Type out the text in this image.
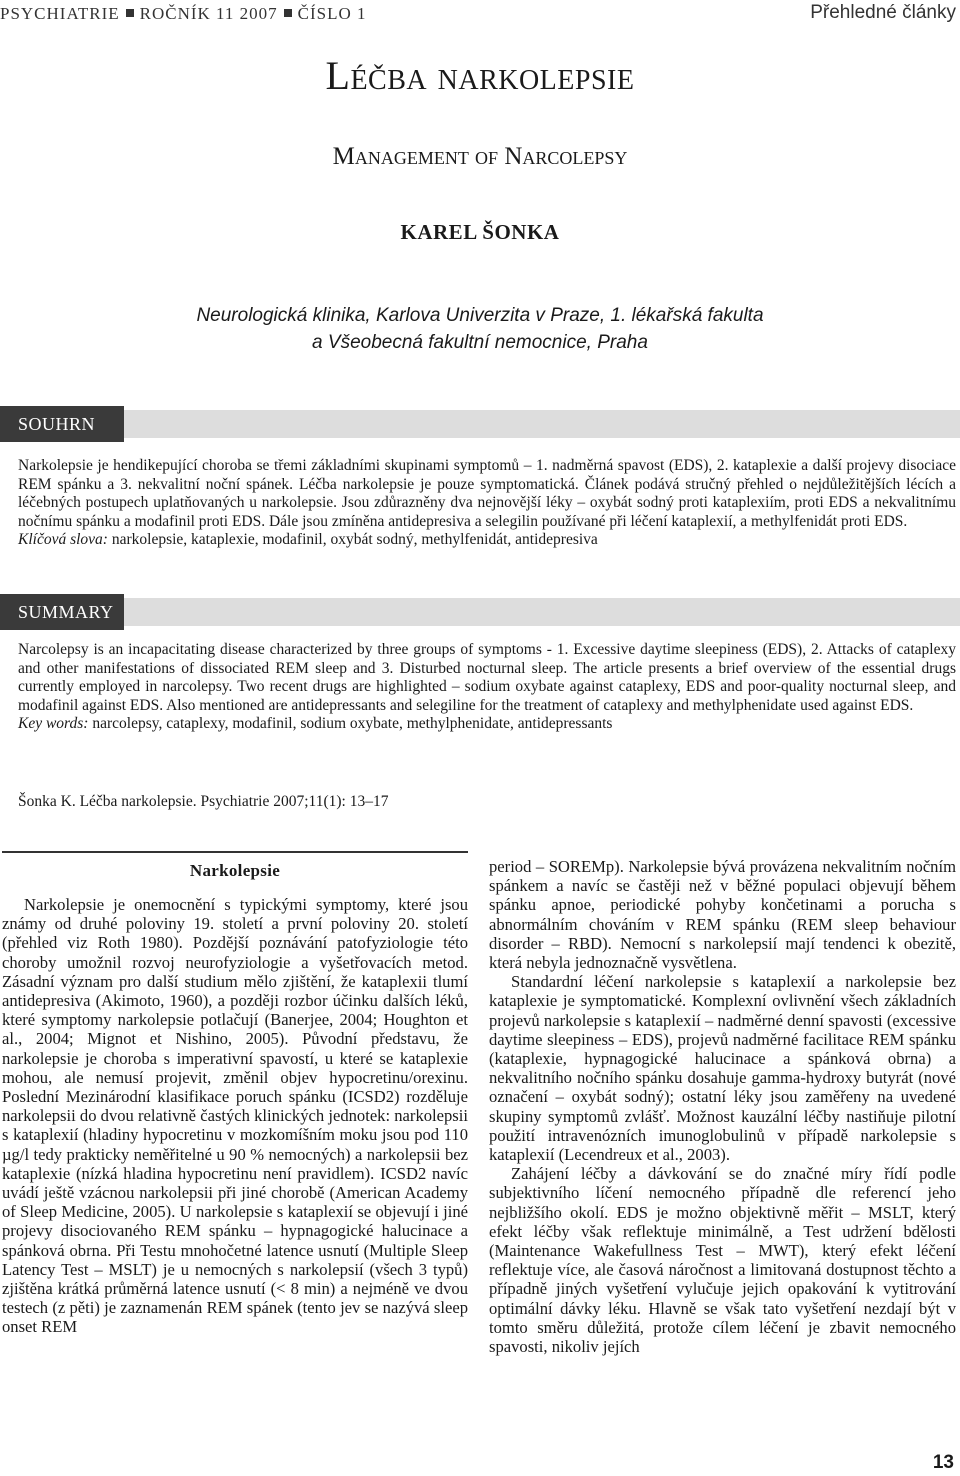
PSYCHIATRIE ROČNÍK 11 2007 ČÍSLO 1	Přehledné články
Léčba narkolepsie
Management of Narcolepsy
KAREL ŠONKA
Neurologická klinika, Karlova Univerzita v Praze, 1. lékařská fakulta
a Všeobecná fakultní nemocnice, Praha
SOUHRN
Narkolepsie je hendikepující choroba se třemi základními skupinami symptomů – 1. nadměrná spavost (EDS), 2. kataplexie a další projevy disociace REM spánku a 3. nekvalitní noční spánek. Léčba narkolepsie je pouze symptomatická. Článek podává stručný přehled o nejdůležitějších lécích a léčebných postupech uplatňovaných u narkolepsie. Jsou zdůrazněny dva nejnovější léky – oxybát sodný proti kataplexiím, proti EDS a nekvalitnímu nočnímu spánku a modafinil proti EDS. Dále jsou zmíněna antidepresiva a selegilin používané při léčení kataplexií, a methylfenidát proti EDS.
Klíčová slova: narkolepsie, kataplexie, modafinil, oxybát sodný, methylfenidát, antidepresiva
SUMMARY
Narcolepsy is an incapacitating disease characterized by three groups of symptoms - 1. Excessive daytime sleepiness (EDS), 2. Attacks of cataplexy and other manifestations of dissociated REM sleep and 3. Disturbed nocturnal sleep. The article presents a brief overview of the essential drugs currently employed in narcolepsy. Two recent drugs are highlighted – sodium oxybate against cataplexy, EDS and poor-quality nocturnal sleep, and modafinil against EDS. Also mentioned are antidepressants and selegiline for the treatment of cataplexy and methylphenidate used against EDS.
Key words: narcolepsy, cataplexy, modafinil, sodium oxybate, methylphenidate, antidepressants
Šonka K. Léčba narkolepsie. Psychiatrie 2007;11(1): 13–17
Narkolepsie

Narkolepsie je onemocnění s typickými symptomy, které jsou známy od druhé poloviny 19. století a první poloviny 20. století (přehled viz Roth 1980). Pozdější poznávání patofyziologie této choroby umožnil rozvoj neurofyziologie a vyšetřovacích metod. Zásadní význam pro další studium mělo zjištění, že kataplexii tlumí antidepresiva (Akimoto, 1960), a později rozbor účinku dalších léků, které symptomy narkolepsie potlačují (Banerjee, 2004; Houghton et al., 2004; Mignot et Nishino, 2005). Původní představu, že narkolepsie je choroba s imperativní spavostí, u které se kataplexie mohou, ale nemusí projevit, změnil objev hypocretinu/orexinu. Poslední Mezinárodní klasifikace poruch spánku (ICSD2) rozděluje narkolepsii do dvou relativně častých klinických jednotek: narkolepsii s kataplexií (hladiny hypocretinu v mozkomíšním moku jsou pod 110 µg/l tedy prakticky neměřitelné u 90 % nemocných) a narkolepsii bez kataplexie (nízká hladina hypocretinu není pravidlem). ICSD2 navíc uvádí ještě vzácnou narkolepsii při jiné chorobě (American Academy of Sleep Medicine, 2005). U narkolepsie s kataplexií se objevují i jiné projevy disociovaného REM spánku – hypnagogické halucinace a spánková obrna. Při Testu mnohočetné latence usnutí (Multiple Sleep Latency Test – MSLT) je u nemocných s narkolepsií (všech 3 typů) zjištěna krátká průměrná latence usnutí (< 8 min) a nejméně ve dvou testech (z pěti) je zaznamenán REM spánek (tento jev se nazývá sleep onset REM

period – SOREMp). Narkolepsie bývá provázena nekvalitním nočním spánkem a navíc se častěji než v běžné populaci objevují během spánku apnoe, periodické pohyby končetinami a porucha s abnormálním chováním v REM spánku (REM sleep behaviour disorder – RBD). Nemocní s narkolepsií mají tendenci k obezitě, která nebyla jednoznačně vysvětlena.

Standardní léčení narkolepsie s kataplexií a narkolepsie bez kataplexie je symptomatické. Komplexní ovlivnění všech základních projevů narkolepsie s kataplexií – nadměrné denní spavosti (excessive daytime sleepiness – EDS), projevů nadměrné facilitace REM spánku (kataplexie, hypnagogické halucinace a spánková obrna) a nekvalitního nočního spánku dosahuje gamma-hydroxy butyrát (nové označení – oxybát sodný); ostatní léky jsou zaměřeny na uvedené skupiny symptomů zvlášť. Možnost kauzální léčby nastiňuje pilotní použití intravenózních imunoglobulinů v případě narkolepsie s kataplexií (Lecendreux et al., 2003).

Zahájení léčby a dávkování se do značné míry řídí podle subjektivního líčení nemocného případně dle referencí jeho nejbližšího okolí. EDS je možno objektivně měřit – MSLT, který efekt léčby však reflektuje minimálně, a Test udržení bdělosti (Maintenance Wakefullness Test – MWT), který efekt léčení reflektuje více, ale časová náročnost a limitovaná dostupnost těchto a případně jiných vyšetření vylučuje jejich opakování k vytitrování optimální dávky léku. Hlavně se však tato vyšetření nezdají být v tomto směru důležitá, protože cílem léčení je zbavit nemocného spavosti, nikoliv jejích

13
